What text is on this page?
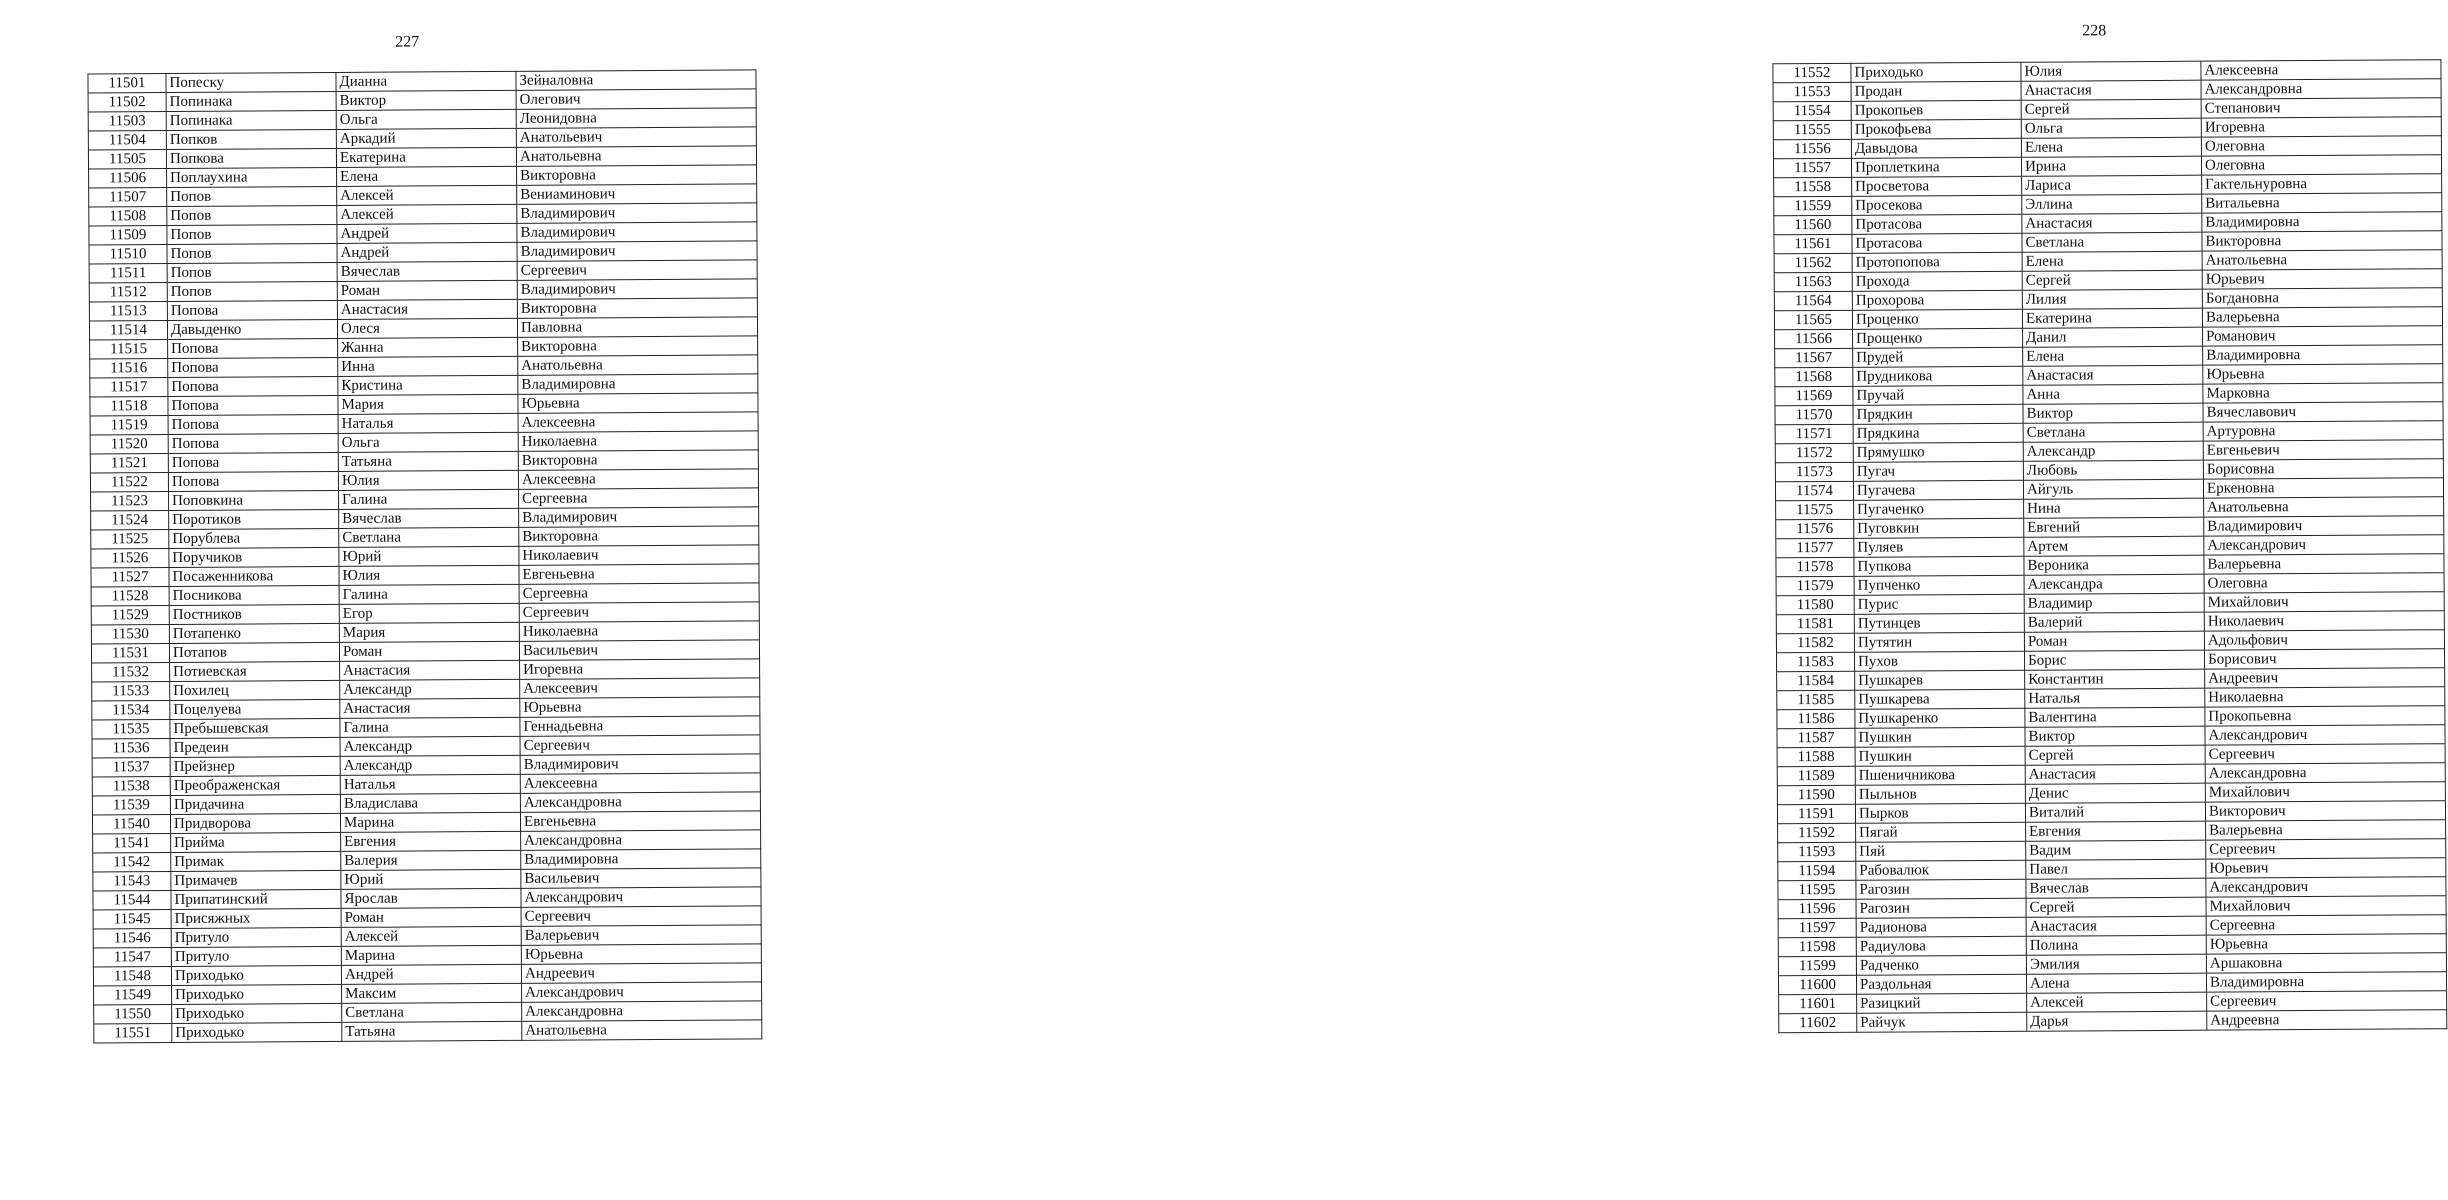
227
11501	Попеску	Дианна	Зейналовна
11502	Попинака	Виктор	Олегович
11503	Попинака	Ольга	Леонидовна
11504	Попков	Аркадий	Анатольевич
11505	Попкова	Екатерина	Анатольевна
11506	Поплаухина	Елена	Викторовна
11507	Попов	Алексей	Вениаминович
11508	Попов	Алексей	Владимирович
11509	Попов	Андрей	Владимирович
11510	Попов	Андрей	Владимирович
11511	Попов	Вячеслав	Сергеевич
11512	Попов	Роман	Владимирович
11513	Попова	Анастасия	Викторовна
11514	Давыденко	Олеся	Павловна
11515	Попова	Жанна	Викторовна
11516	Попова	Инна	Анатольевна
11517	Попова	Кристина	Владимировна
11518	Попова	Мария	Юрьевна
11519	Попова	Наталья	Алексеевна
11520	Попова	Ольга	Николаевна
11521	Попова	Татьяна	Викторовна
11522	Попова	Юлия	Алексеевна
11523	Поповкина	Галина	Сергеевна
11524	Поротиков	Вячеслав	Владимирович
11525	Порублева	Светлана	Викторовна
11526	Поручиков	Юрий	Николаевич
11527	Посаженникова	Юлия	Евгеньевна
11528	Посникова	Галина	Сергеевна
11529	Постников	Егор	Сергеевич
11530	Потапенко	Мария	Николаевна
11531	Потапов	Роман	Васильевич
11532	Потиевская	Анастасия	Игоревна
11533	Похилец	Александр	Алексеевич
11534	Поцелуева	Анастасия	Юрьевна
11535	Пребышевская	Галина	Геннадьевна
11536	Предеин	Александр	Сергеевич
11537	Прейзнер	Александр	Владимирович
11538	Преображенская	Наталья	Алексеевна
11539	Придачина	Владислава	Александровна
11540	Придворова	Марина	Евгеньевна
11541	Прийма	Евгения	Александровна
11542	Примак	Валерия	Владимировна
11543	Примачев	Юрий	Васильевич
11544	Припатинский	Ярослав	Александрович
11545	Присяжных	Роман	Сергеевич
11546	Притуло	Алексей	Валерьевич
11547	Притуло	Марина	Юрьевна
11548	Приходько	Андрей	Андреевич
11549	Приходько	Максим	Александрович
11550	Приходько	Светлана	Александровна
11551	Приходько	Татьяна	Анатольевна
228
11552	Приходько	Юлия	Алексеевна
11553	Продан	Анастасия	Александровна
11554	Прокопьев	Сергей	Степанович
11555	Прокофьева	Ольга	Игоревна
11556	Давыдова	Елена	Олеговна
11557	Проплеткина	Ирина	Олеговна
11558	Просветова	Лариса	Гактельнуровна
11559	Просекова	Эллина	Витальевна
11560	Протасова	Анастасия	Владимировна
11561	Протасова	Светлана	Викторовна
11562	Протопопова	Елена	Анатольевна
11563	Прохода	Сергей	Юрьевич
11564	Прохорова	Лилия	Богдановна
11565	Проценко	Екатерина	Валерьевна
11566	Прощенко	Данил	Романович
11567	Прудей	Елена	Владимировна
11568	Прудникова	Анастасия	Юрьевна
11569	Пручай	Анна	Марковна
11570	Прядкин	Виктор	Вячеславович
11571	Прядкина	Светлана	Артуровна
11572	Прямушко	Александр	Евгеньевич
11573	Пугач	Любовь	Борисовна
11574	Пугачева	Айгуль	Еркеновна
11575	Пугаченко	Нина	Анатольевна
11576	Пуговкин	Евгений	Владимирович
11577	Пуляев	Артем	Александрович
11578	Пупкова	Вероника	Валерьевна
11579	Пупченко	Александра	Олеговна
11580	Пурис	Владимир	Михайлович
11581	Путинцев	Валерий	Николаевич
11582	Путятин	Роман	Адольфович
11583	Пухов	Борис	Борисович
11584	Пушкарев	Константин	Андреевич
11585	Пушкарева	Наталья	Николаевна
11586	Пушкаренко	Валентина	Прокопьевна
11587	Пушкин	Виктор	Александрович
11588	Пушкин	Сергей	Сергеевич
11589	Пшеничникова	Анастасия	Александровна
11590	Пыльнов	Денис	Михайлович
11591	Пырков	Виталий	Викторович
11592	Пягай	Евгения	Валерьевна
11593	Пяй	Вадим	Сергеевич
11594	Рабовалюк	Павел	Юрьевич
11595	Рагозин	Вячеслав	Александрович
11596	Рагозин	Сергей	Михайлович
11597	Радионова	Анастасия	Сергеевна
11598	Радиулова	Полина	Юрьевна
11599	Радченко	Эмилия	Аршаковна
11600	Раздольная	Алена	Владимировна
11601	Разицкий	Алексей	Сергеевич
11602	Райчук	Дарья	Андреевна
